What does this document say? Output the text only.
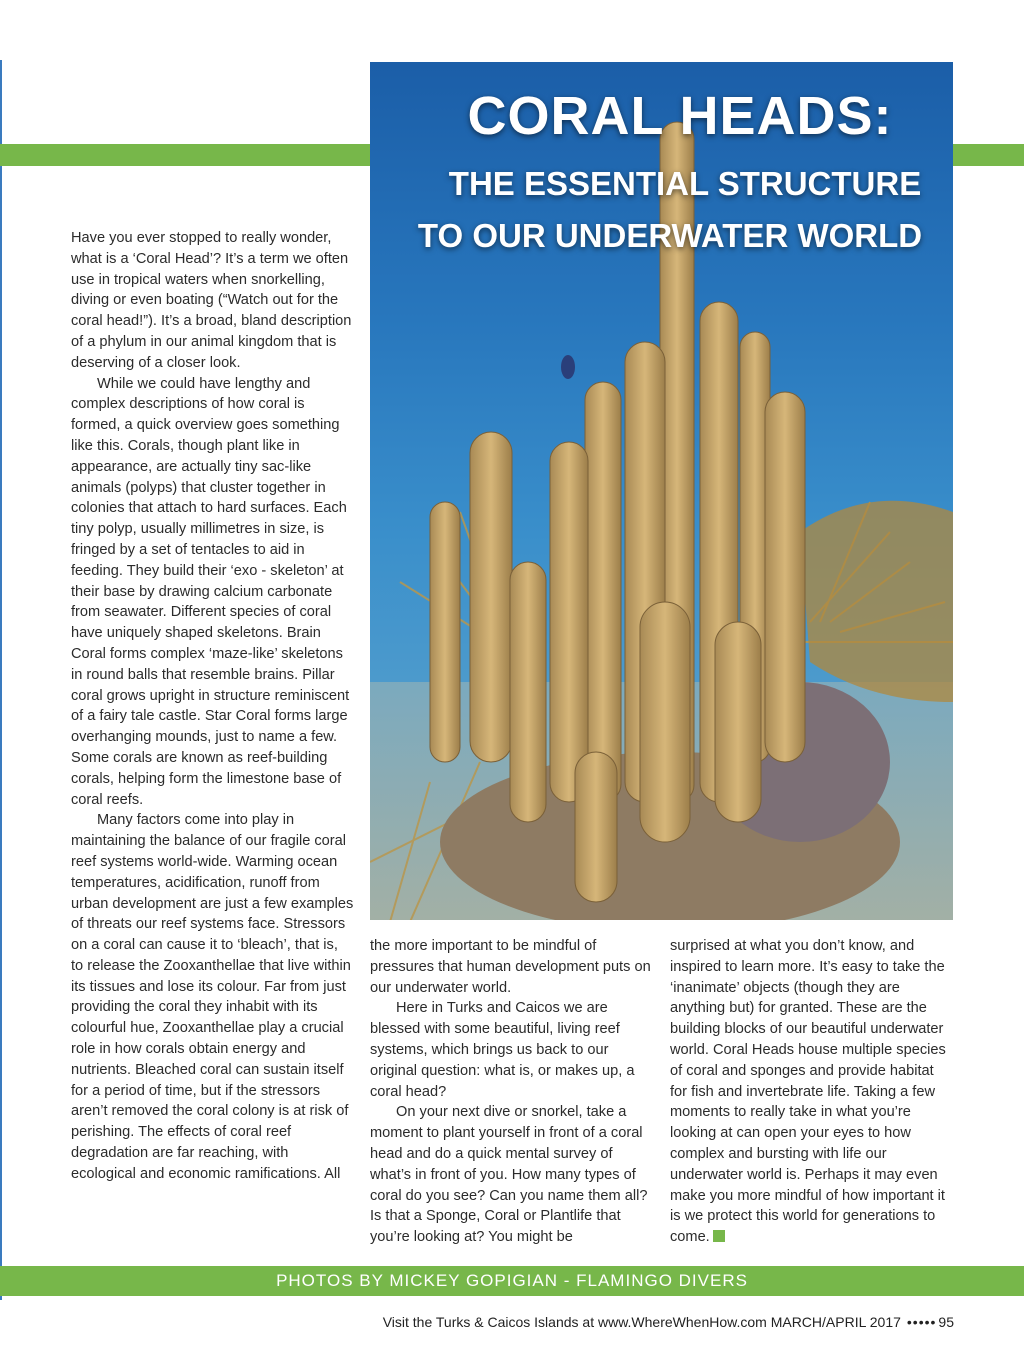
CORAL HEADS:
THE ESSENTIAL STRUCTURE
TO OUR UNDERWATER WORLD

Have you ever stopped to really wonder, what is a ‘Coral Head’? It’s a term we often use in tropical waters when snorkelling, diving or even boating (“Watch out for the coral head!”). It’s a broad, bland description of a phylum in our animal kingdom that is deserving of a closer look.

While we could have lengthy and complex descriptions of how coral is formed, a quick overview goes something like this. Corals, though plant like in appearance, are actually tiny sac-like animals (polyps) that cluster together in colonies that attach to hard surfaces. Each tiny polyp, usually millimetres in size, is fringed by a set of tentacles to aid in feeding. They build their ‘exo - skeleton’ at their base by drawing calcium carbonate from seawater. Different species of coral have uniquely shaped skeletons. Brain Coral forms complex ‘maze-like’ skeletons in round balls that resemble brains. Pillar coral grows upright in structure reminiscent of a fairy tale castle. Star Coral forms large overhanging mounds, just to name a few. Some corals are known as reef-building corals, helping form the limestone base of coral reefs.

Many factors come into play in maintaining the balance of our fragile coral reef systems world-wide. Warming ocean temperatures, acidification, runoff from urban development are just a few examples of threats our reef systems face. Stressors on a coral can cause it to ‘bleach’, that is, to release the Zooxanthellae that live within its tissues and lose its colour. Far from just providing the coral they inhabit with its colourful hue, Zooxanthellae play a crucial role in how corals obtain energy and nutrients. Bleached coral can sustain itself for a period of time, but if the stressors aren’t removed the coral colony is at risk of perishing. The effects of coral reef degradation are far reaching, with ecological and economic ramifications. All

the more important to be mindful of pressures that human development puts on our underwater world.

Here in Turks and Caicos we are blessed with some beautiful, living reef systems, which brings us back to our original question: what is, or makes up, a coral head?

On your next dive or snorkel, take a moment to plant yourself in front of a coral head and do a quick mental survey of what’s in front of you. How many types of coral do you see? Can you name them all? Is that a Sponge, Coral or Plantlife that you’re looking at? You might be

surprised at what you don’t know, and inspired to learn more. It’s easy to take the ‘inanimate’ objects (though they are anything but) for granted. These are the building blocks of our beautiful underwater world. Coral Heads house multiple species of coral and sponges and provide habitat for fish and invertebrate life. Taking a few moments to really take in what you’re looking at can open your eyes to how complex and bursting with life our underwater world is. Perhaps it may even make you more mindful of how important it is we protect this world for generations to come.

PHOTOS BY MICKEY GOPIGIAN - FLAMINGO DIVERS
Visit the Turks & Caicos Islands at www.WhereWhenHow.com MARCH/APRIL 2017 ••••• 95
